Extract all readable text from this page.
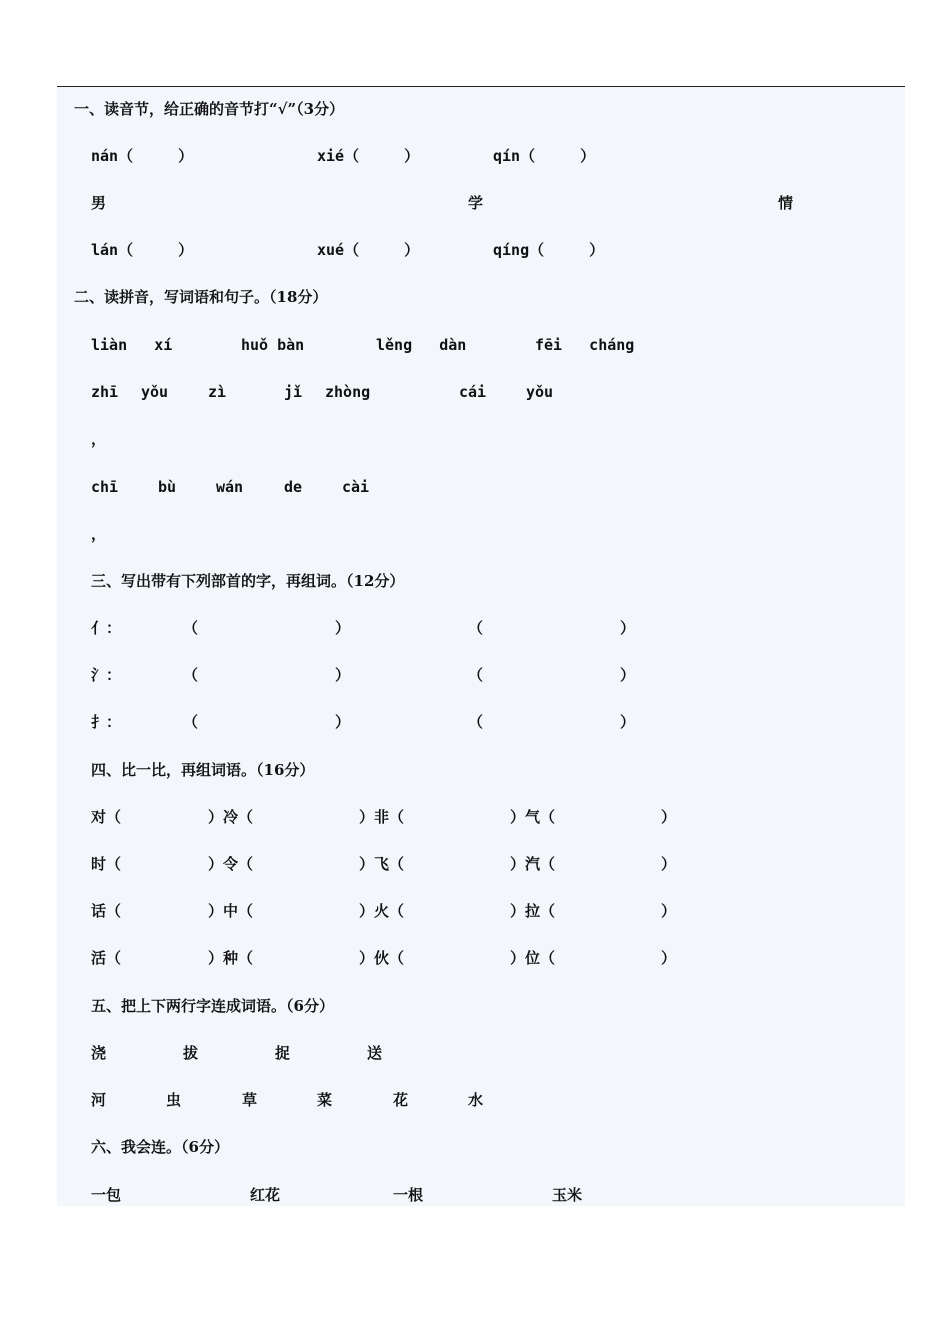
一、读音节，给正确的音节打“√”（3分）
nán（　　　）	xié（　　　）	qín（　　　）
男	学	情
lán（　　　）	xué（　　　）	qíng（　　　）
二、读拼音，写词语和句子。（18分）
liàn   xí	huǒ bàn	lěng   dàn	fēi   cháng
zhī yǒu	zì	jǐ zhòng	cái	yǒu
，
chī	bù	wán	de	cài
，
三、写出带有下列部首的字，再组词。（12分）
亻：	（	）	（	）
氵：	（	）	（	）
扌：	（	）	（	）
四、比一比，再组词语。（16分）
对（	）冷（	）非（	）气（	）
时（	）令（	）飞（	）汽（	）
话（	）中（	）火（	）拉（	）
活（	）种（	）伙（	）位（	）
五、把上下两行字连成词语。（6分）
浇	拔	捉	送
河	虫	草	菜	花	水
六、我会连。（6分）
一包	红花	一根	玉米
